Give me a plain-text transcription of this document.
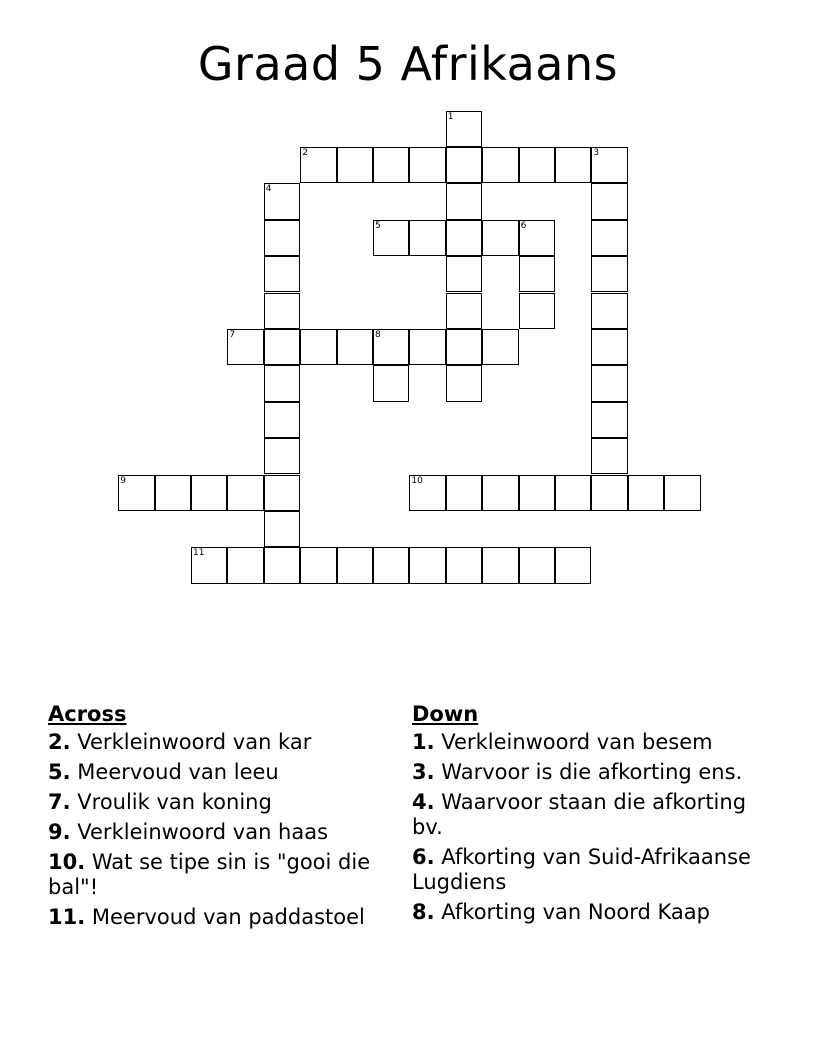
Graad 5 Afrikaans
1
2	3
4
5	6
7	8
9	10
11
Across
2. Verkleinwoord van kar
5. Meervoud van leeu
7. Vroulik van koning
9. Verkleinwoord van haas
10. Wat se tipe sin is "gooi die bal"!
11. Meervoud van paddastoel
Down
1. Verkleinwoord van besem
3. Warvoor is die afkorting ens.
4. Waarvoor staan die afkorting bv.
6. Afkorting van Suid-Afrikaanse Lugdiens
8. Afkorting van Noord Kaap
